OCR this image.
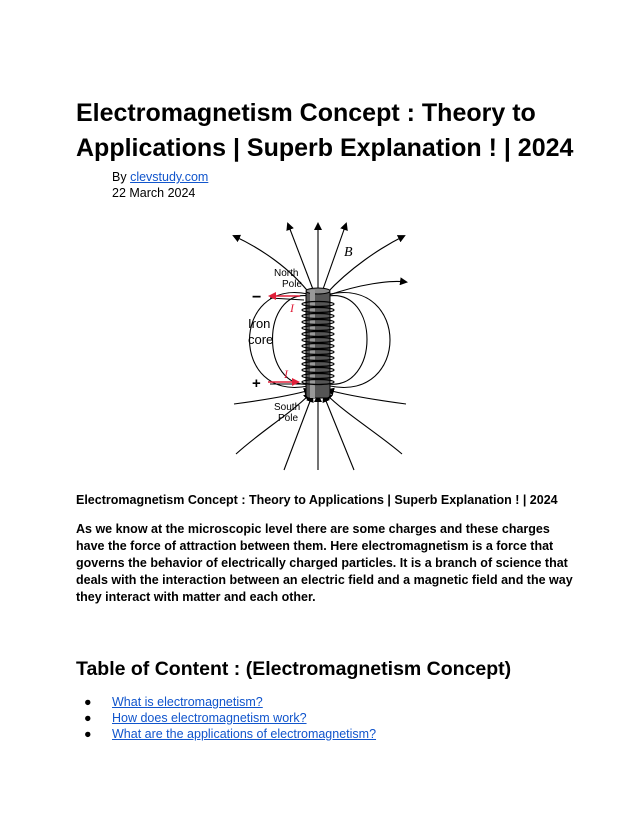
Electromagnetism Concept : Theory to Applications | Superb Explanation ! | 2024
By clevstudy.com
22 March 2024
North
Pole
South
Pole
Iron
core
B
I
I
−
+

Electromagnetism Concept : Theory to Applications | Superb Explanation ! | 2024

As we know at the microscopic level there are some charges and these charges have the force of attraction between them. Here electromagnetism is a force that governs the behavior of electrically charged particles. It is a branch of science that deals with the interaction between an electric field and a magnetic field and the way they interact with matter and each other.

Table of Content : (Electromagnetism Concept)
● What is electromagnetism?
● How does electromagnetism work?
● What are the applications of electromagnetism?
